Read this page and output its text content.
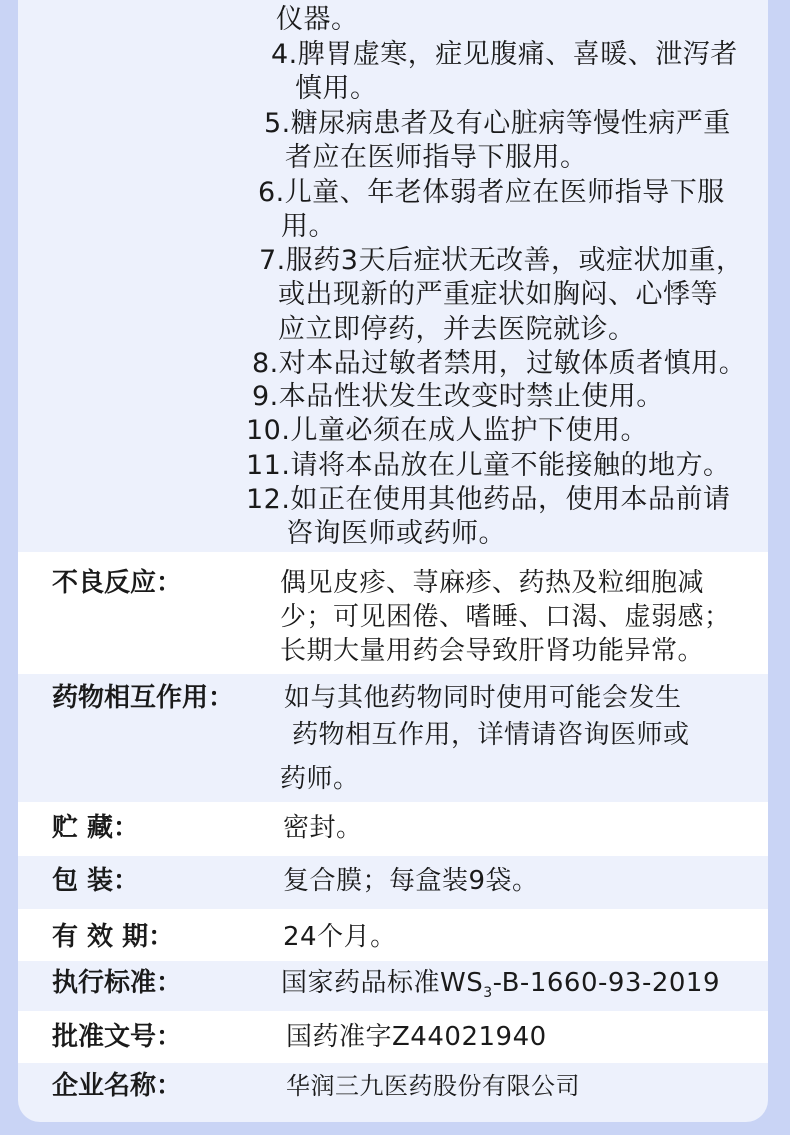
仪器。
4.脾胃虚寒，症见腹痛、喜暖、泄泻者
慎用。
5.糖尿病患者及有心脏病等慢性病严重
者应在医师指导下服用。
6.儿童、年老体弱者应在医师指导下服
用。
7.服药3天后症状无改善，或症状加重，
或出现新的严重症状如胸闷、心悸等
应立即停药，并去医院就诊。
8.对本品过敏者禁用，过敏体质者慎用。
9.本品性状发生改变时禁止使用。
10.儿童必须在成人监护下使用。
11.请将本品放在儿童不能接触的地方。
12.如正在使用其他药品，使用本品前请
咨询医师或药师。
不良反应：	偶见皮疹、荨麻疹、药热及粒细胞减
少；可见困倦、嗜睡、口渴、虚弱感；
长期大量用药会导致肝肾功能异常。
药物相互作用： 如与其他药物同时使用可能会发生
药物相互作用，详情请咨询医师或
药师。
贮 藏：	密封。
包 装：	复合膜；每盒装9袋。
有 效 期：	24个月。
执行标准：	国家药品标准$WS_3-B-1660-93-2019$
批准文号：	国药准字Z44021940
企业名称：	华润三九医药股份有限公司
